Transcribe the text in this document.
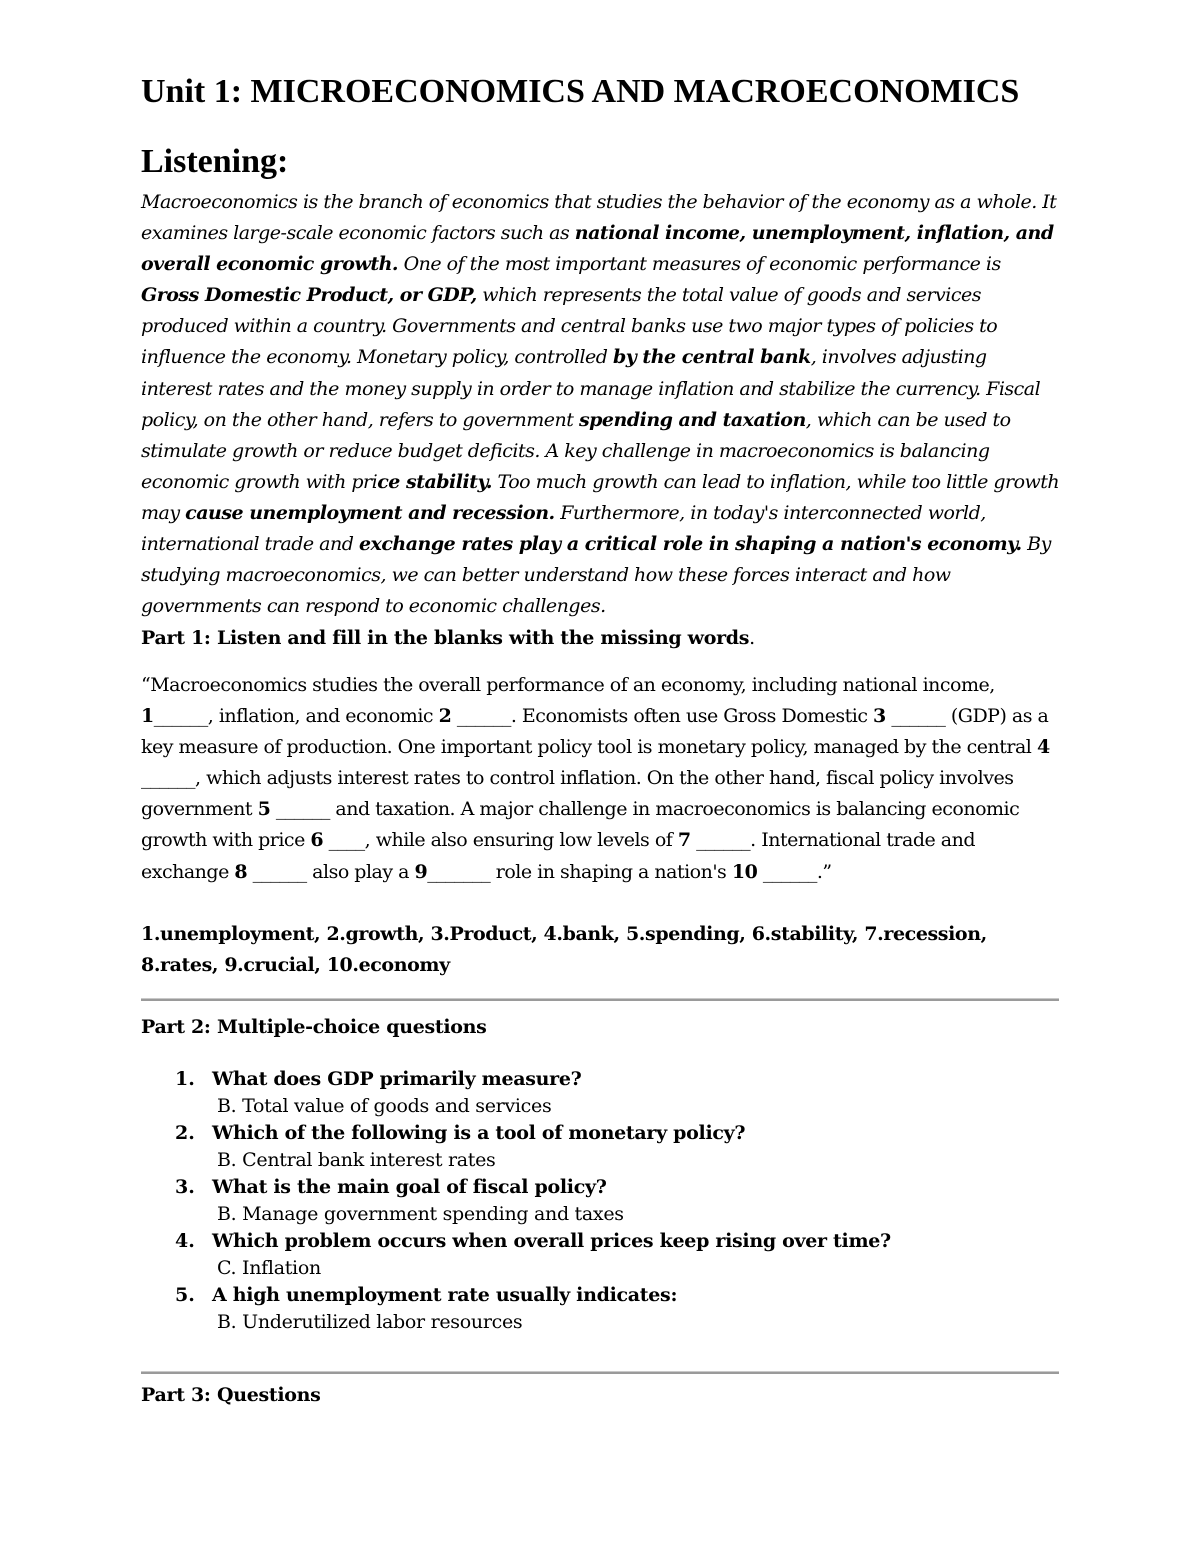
Unit 1: MICROECONOMICS AND MACROECONOMICS
Listening:
Macroeconomics is the branch of economics that studies the behavior of the economy as a whole. It examines large-scale economic factors such as national income, unemployment, inflation, and overall economic growth. One of the most important measures of economic performance is Gross Domestic Product, or GDP, which represents the total value of goods and services produced within a country. Governments and central banks use two major types of policies to influence the economy. Monetary policy, controlled by the central bank, involves adjusting interest rates and the money supply in order to manage inflation and stabilize the currency. Fiscal policy, on the other hand, refers to government spending and taxation, which can be used to stimulate growth or reduce budget deficits. A key challenge in macroeconomics is balancing economic growth with price stability. Too much growth can lead to inflation, while too little growth may cause unemployment and recession. Furthermore, in today's interconnected world, international trade and exchange rates play a critical role in shaping a nation's economy. By studying macroeconomics, we can better understand how these forces interact and how governments can respond to economic challenges.
Part 1: Listen and fill in the blanks with the missing words.
“Macroeconomics studies the overall performance of an economy, including national income, 1______, inflation, and economic 2 ______. Economists often use Gross Domestic 3 ______ (GDP) as a key measure of production. One important policy tool is monetary policy, managed by the central 4 ______, which adjusts interest rates to control inflation. On the other hand, fiscal policy involves government 5 ______ and taxation. A major challenge in macroeconomics is balancing economic growth with price 6 ____, while also ensuring low levels of 7 ______. International trade and exchange 8 ______ also play a 9_______ role in shaping a nation's 10 ______.”
1.unemployment, 2.growth, 3.Product, 4.bank, 5.spending, 6.stability, 7.recession, 8.rates, 9.crucial, 10.economy
Part 2: Multiple-choice questions
1. What does GDP primarily measure?
B. Total value of goods and services
2. Which of the following is a tool of monetary policy?
B. Central bank interest rates
3. What is the main goal of fiscal policy?
B. Manage government spending and taxes
4. Which problem occurs when overall prices keep rising over time?
C. Inflation
5. A high unemployment rate usually indicates:
B. Underutilized labor resources
Part 3: Questions
